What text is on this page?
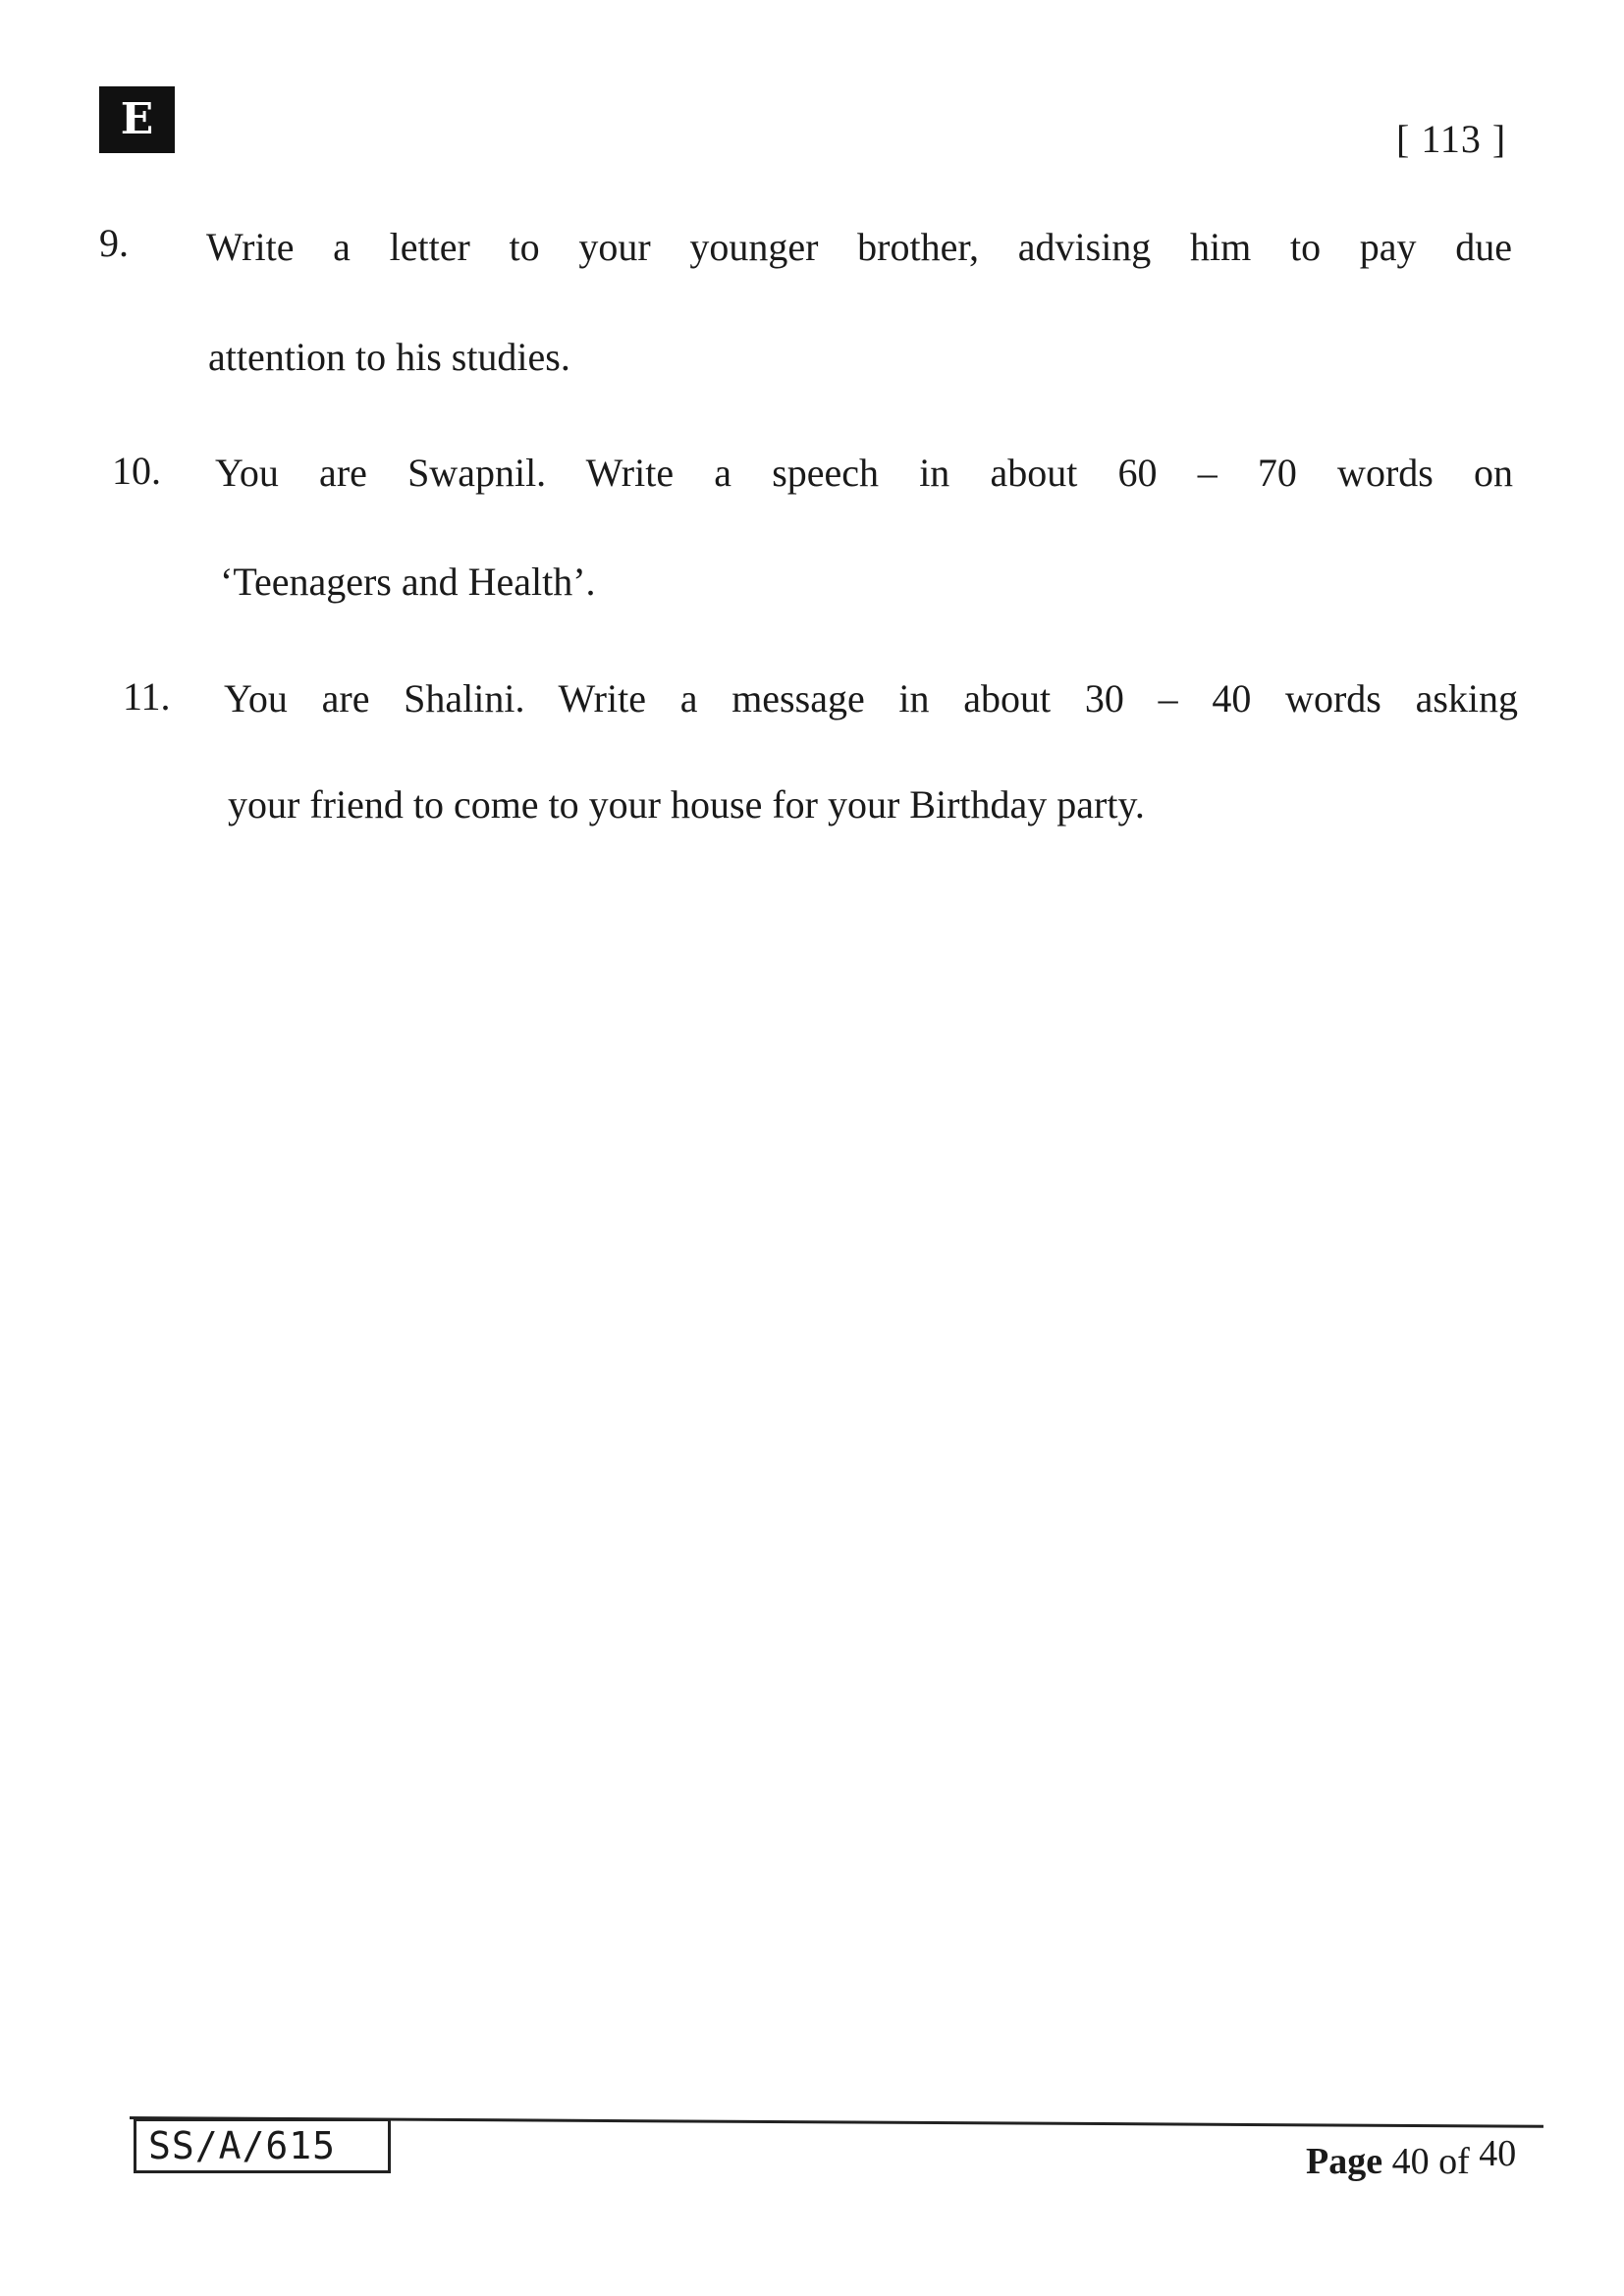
E	[ 113 ]
9. Write a letter to your younger brother, advising him to pay due
attention to his studies.
10. You are Swapnil. Write a speech in about 60 – 70 words on
‘Teenagers and Health’.
11. You are Shalini. Write a message in about 30 – 40 words asking
your friend to come to your house for your Birthday party.
SS/A/615	Page 40 of 40
